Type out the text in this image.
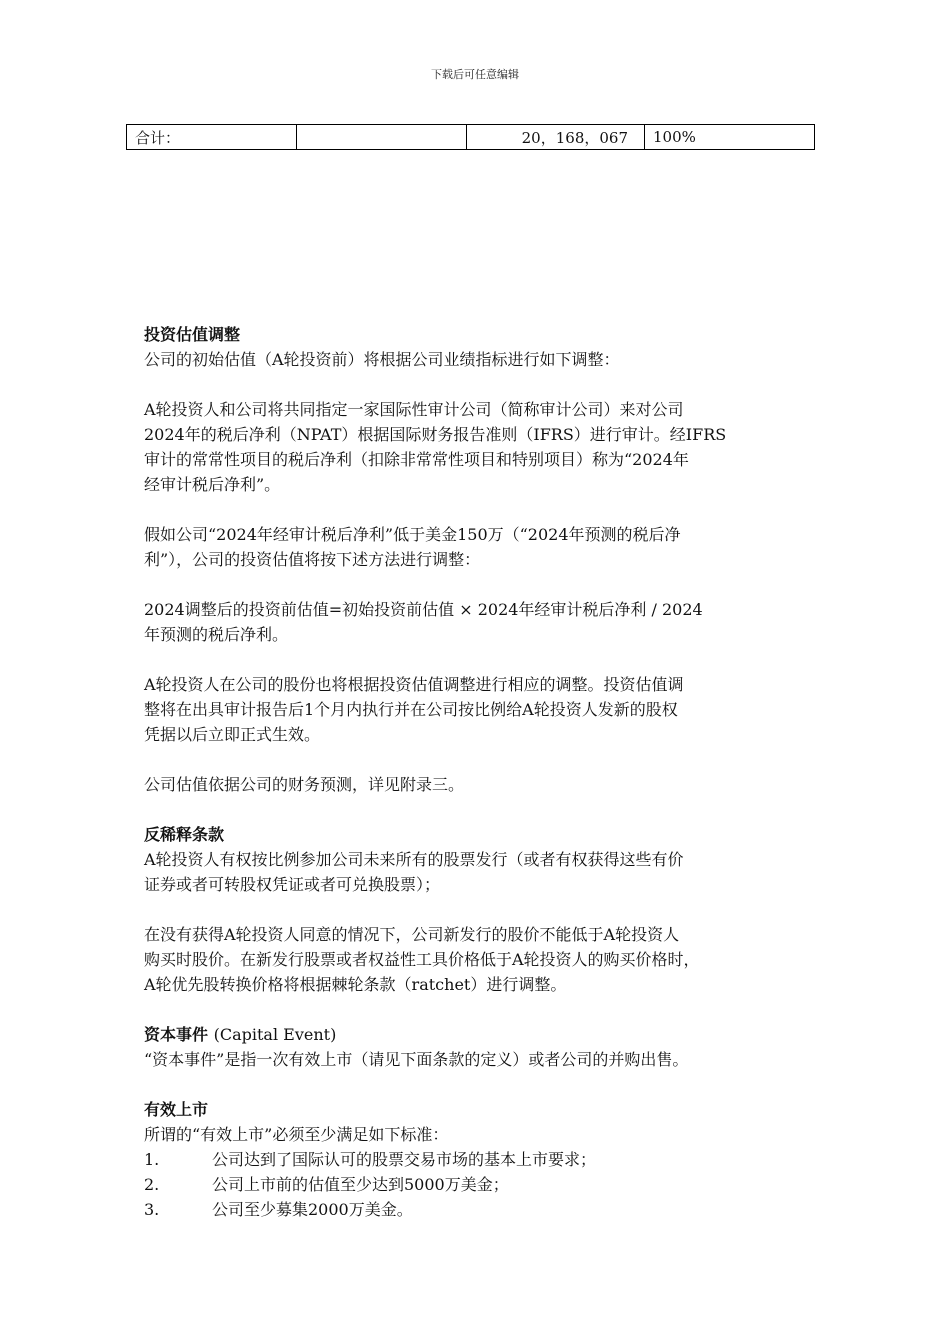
下载后可任意编辑
合计：		20，168，067	100%

投资估值调整

公司的初始估值（A轮投资前）将根据公司业绩指标进行如下调整：

A轮投资人和公司将共同指定一家国际性审计公司（简称审计公司）来对公司

2024年的税后净利（NPAT）根据国际财务报告准则（IFRS）进行审计。经IFRS

审计的常常性项目的税后净利（扣除非常常性项目和特别项目）称为“2024年

经审计税后净利”。

假如公司“2024年经审计税后净利”低于美金150万（“2024年预测的税后净

利”），公司的投资估值将按下述方法进行调整：

2024调整后的投资前估值=初始投资前估值 × 2024年经审计税后净利 / 2024

年预测的税后净利。

A轮投资人在公司的股份也将根据投资估值调整进行相应的调整。投资估值调

整将在出具审计报告后1个月内执行并在公司按比例给A轮投资人发新的股权

凭据以后立即正式生效。

公司估值依据公司的财务预测，详见附录三。

反稀释条款

A轮投资人有权按比例参加公司未来所有的股票发行（或者有权获得这些有价

证券或者可转股权凭证或者可兑换股票）；

在没有获得A轮投资人同意的情况下，公司新发行的股价不能低于A轮投资人

购买时股价。在新发行股票或者权益性工具价格低于A轮投资人的购买价格时，

A轮优先股转换价格将根据棘轮条款（ratchet）进行调整。

资本事件 (Capital Event)

“资本事件”是指一次有效上市（请见下面条款的定义）或者公司的并购出售。

有效上市

所谓的“有效上市”必须至少满足如下标准：

1.	公司达到了国际认可的股票交易市场的基本上市要求；
2.	公司上市前的估值至少达到5000万美金；
3.	公司至少募集2000万美金。
